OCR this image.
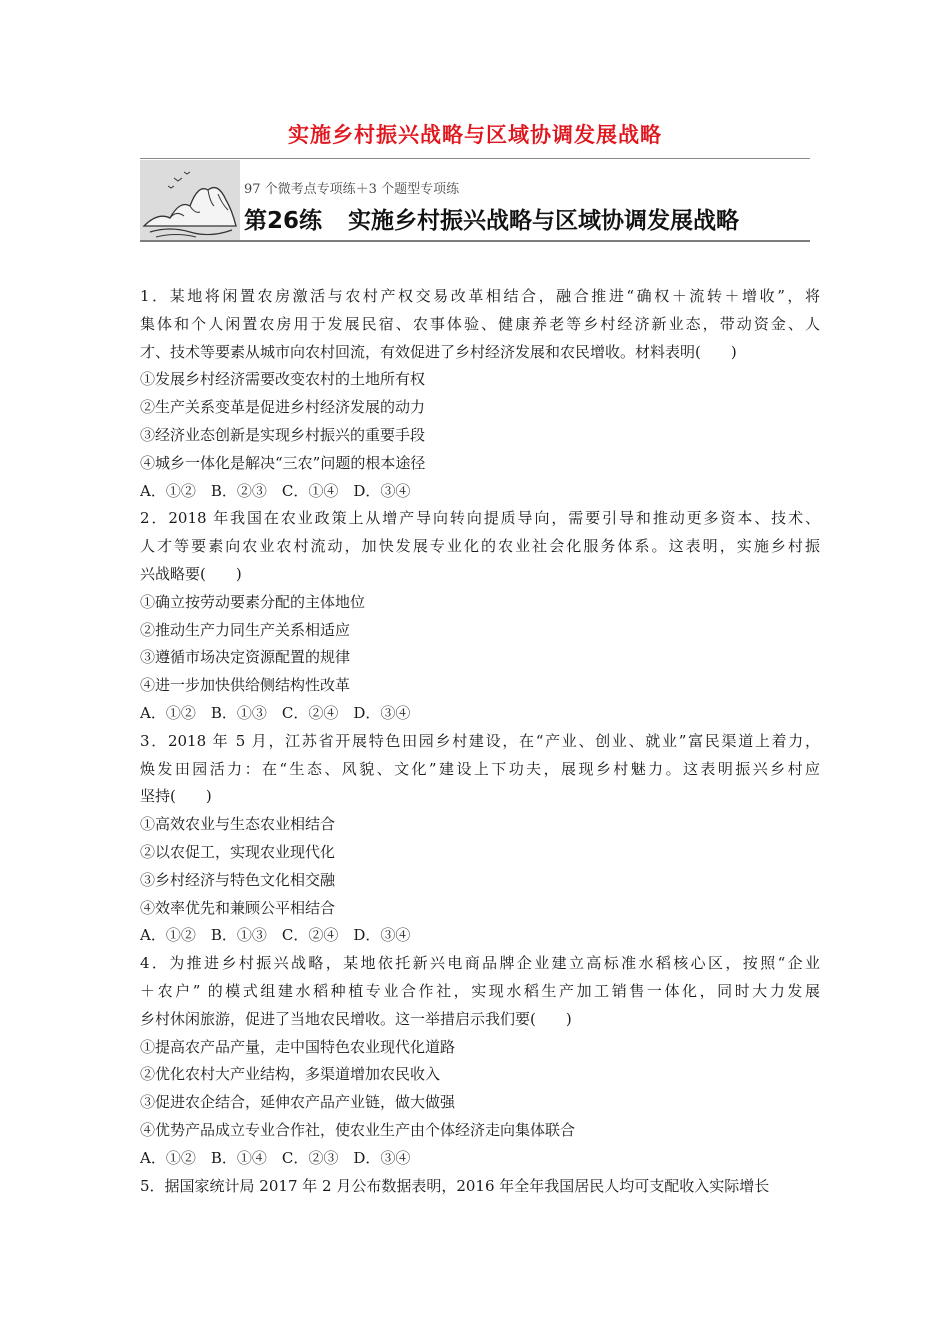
实施乡村振兴战略与区域协调发展战略
97 个微考点专项练＋3 个题型专项练
第26练 实施乡村振兴战略与区域协调发展战略
1．某地将闲置农房激活与农村产权交易改革相结合，融合推进“确权＋流转＋增收”，将
集体和个人闲置农房用于发展民宿、农事体验、健康养老等乡村经济新业态，带动资金、人
才、技术等要素从城市向农村回流，有效促进了乡村经济发展和农民增收。材料表明(　　)
①发展乡村经济需要改变农村的土地所有权
②生产关系变革是促进乡村经济发展的动力
③经济业态创新是实现乡村振兴的重要手段
④城乡一体化是解决“三农”问题的根本途径
A．①②　B．②③　C．①④　D．③④
2．2018 年我国在农业政策上从增产导向转向提质导向，需要引导和推动更多资本、技术、
人才等要素向农业农村流动，加快发展专业化的农业社会化服务体系。这表明，实施乡村振
兴战略要(　　)
①确立按劳动要素分配的主体地位
②推动生产力同生产关系相适应
③遵循市场决定资源配置的规律
④进一步加快供给侧结构性改革
A．①②　B．①③　C．②④　D．③④
3．2018 年 5 月，江苏省开展特色田园乡村建设，在“产业、创业、就业”富民渠道上着力，
焕发田园活力：在“生态、风貌、文化”建设上下功夫，展现乡村魅力。这表明振兴乡村应
坚持(　　)
①高效农业与生态农业相结合
②以农促工，实现农业现代化
③乡村经济与特色文化相交融
④效率优先和兼顾公平相结合
A．①②　B．①③　C．②④　D．③④
4．为推进乡村振兴战略，某地依托新兴电商品牌企业建立高标准水稻核心区，按照“企业
＋农户” 的模式组建水稻种植专业合作社，实现水稻生产加工销售一体化，同时大力发展
乡村休闲旅游，促进了当地农民增收。这一举措启示我们要(　　)
①提高农产品产量，走中国特色农业现代化道路
②优化农村大产业结构，多渠道增加农民收入
③促进农企结合，延伸农产品产业链，做大做强
④优势产品成立专业合作社，使农业生产由个体经济走向集体联合
A．①②　B．①④　C．②③　D．③④
5．据国家统计局 2017 年 2 月公布数据表明，2016 年全年我国居民人均可支配收入实际增长
